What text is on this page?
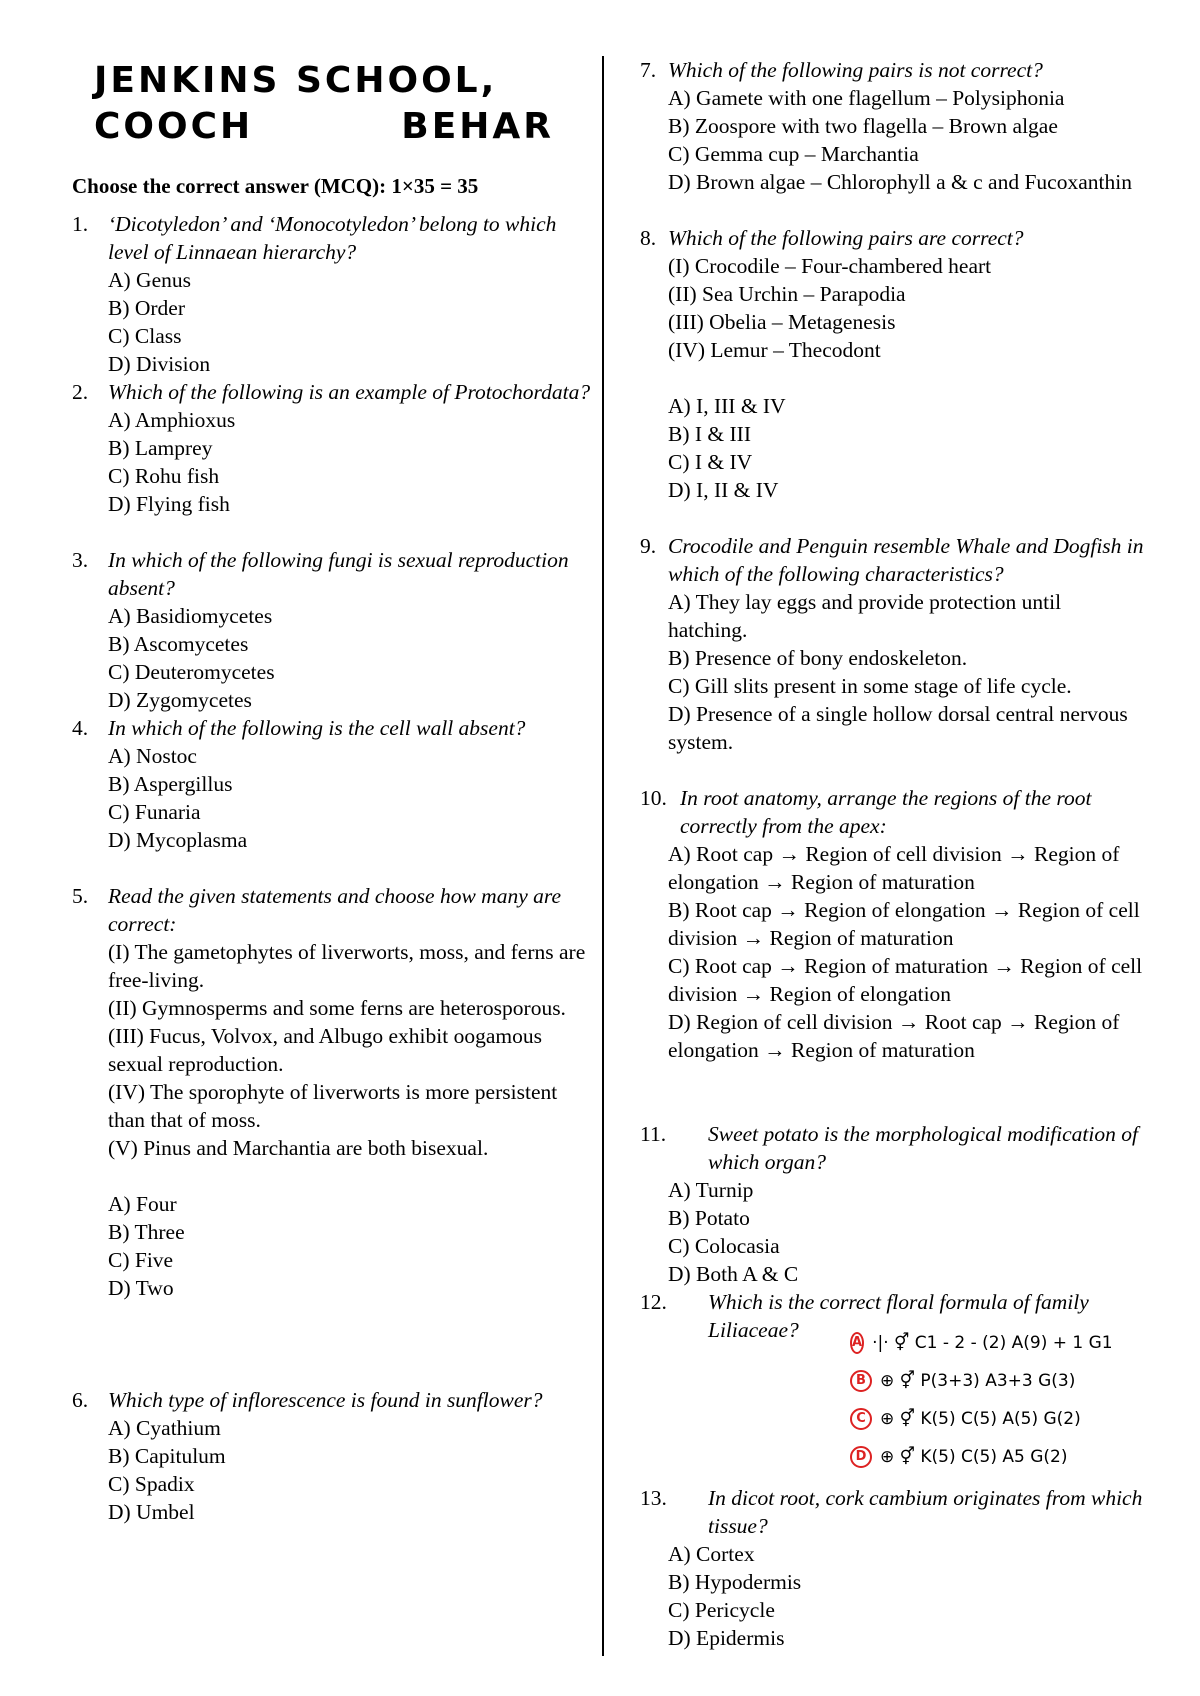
JENKINS SCHOOL,
COOCH	BEHAR
Choose the correct answer (MCQ): 1×35 = 35
1. ‘Dicotyledon’ and ‘Monocotyledon’ belong to which level of Linnaean hierarchy?
A) Genus
B) Order
C) Class
D) Division
2. Which of the following is an example of Protochordata?
A) Amphioxus
B) Lamprey
C) Rohu fish
D) Flying fish
3. In which of the following fungi is sexual reproduction absent?
A) Basidiomycetes
B) Ascomycetes
C) Deuteromycetes
D) Zygomycetes
4. In which of the following is the cell wall absent?
A) Nostoc
B) Aspergillus
C) Funaria
D) Mycoplasma
5. Read the given statements and choose how many are correct:
(I) The gametophytes of liverworts, moss, and ferns are free-living.
(II) Gymnosperms and some ferns are heterosporous.
(III) Fucus, Volvox, and Albugo exhibit oogamous sexual reproduction.
(IV) The sporophyte of liverworts is more persistent than that of moss.
(V) Pinus and Marchantia are both bisexual.
A) Four
B) Three
C) Five
D) Two
6. Which type of inflorescence is found in sunflower?
A) Cyathium
B) Capitulum
C) Spadix
D) Umbel
7. Which of the following pairs is not correct?
A) Gamete with one flagellum – Polysiphonia
B) Zoospore with two flagella – Brown algae
C) Gemma cup – Marchantia
D) Brown algae – Chlorophyll a & c and Fucoxanthin
8. Which of the following pairs are correct?
(I) Crocodile – Four-chambered heart
(II) Sea Urchin – Parapodia
(III) Obelia – Metagenesis
(IV) Lemur – Thecodont
A) I, III & IV
B) I & III
C) I & IV
D) I, II & IV
9. Crocodile and Penguin resemble Whale and Dogfish in which of the following characteristics?
A) They lay eggs and provide protection until hatching.
B) Presence of bony endoskeleton.
C) Gill slits present in some stage of life cycle.
D) Presence of a single hollow dorsal central nervous system.
10. In root anatomy, arrange the regions of the root correctly from the apex:
A) Root cap → Region of cell division → Region of elongation → Region of maturation
B) Root cap → Region of elongation → Region of cell division → Region of maturation
C) Root cap → Region of maturation → Region of cell division → Region of elongation
D) Region of cell division → Root cap → Region of elongation → Region of maturation
11.	Sweet potato is the morphological modification of which organ?
A) Turnip
B) Potato
C) Colocasia
D) Both A & C
12.	Which is the correct floral formula of family Liliaceae?
A ·|· ⚥ C1 - 2 - (2) A(9) + 1 G1
B ⊕ ⚥ P(3+3) A3+3 G(3)
C ⊕ ⚥ K(5) C(5) A(5) G(2)
D ⊕ ⚥ K(5) C(5) A5 G(2)
13.	In dicot root, cork cambium originates from which tissue?
A) Cortex
B) Hypodermis
C) Pericycle
D) Epidermis
